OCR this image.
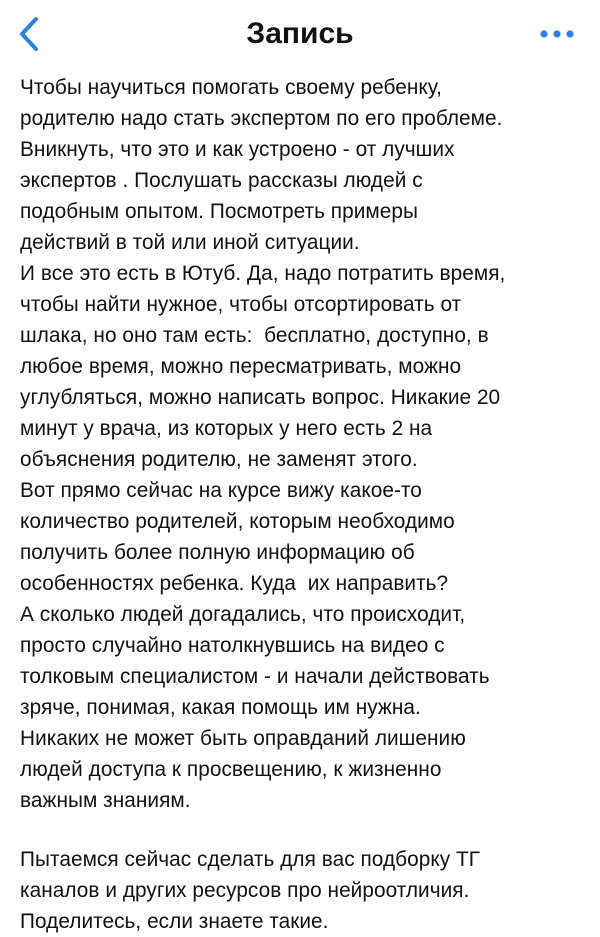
Запись

Чтобы научиться помогать своему ребенку,
родителю надо стать экспертом по его проблеме.
Вникнуть, что это и как устроено - от лучших
экспертов . Послушать рассказы людей с
подобным опытом. Посмотреть примеры
действий в той или иной ситуации.
И все это есть в Ютуб. Да, надо потратить время,
чтобы найти нужное, чтобы отсортировать от
шлака, но оно там есть:  бесплатно, доступно, в
любое время, можно пересматривать, можно
углубляться, можно написать вопрос. Никакие 20
минут у врача, из которых у него есть 2 на
объяснения родителю, не заменят этого.
Вот прямо сейчас на курсе вижу какое-то
количество родителей, которым необходимо
получить более полную информацию об
особенностях ребенка. Куда  их направить?
А сколько людей догадались, что происходит,
просто случайно натолкнувшись на видео с
толковым специалистом - и начали действовать
зряче, понимая, какая помощь им нужна.
Никаких не может быть оправданий лишению
людей доступа к просвещению, к жизненно
важным знаниям.

Пытаемся сейчас сделать для вас подборку ТГ
каналов и других ресурсов про нейроотличия.
Поделитесь, если знаете такие.
